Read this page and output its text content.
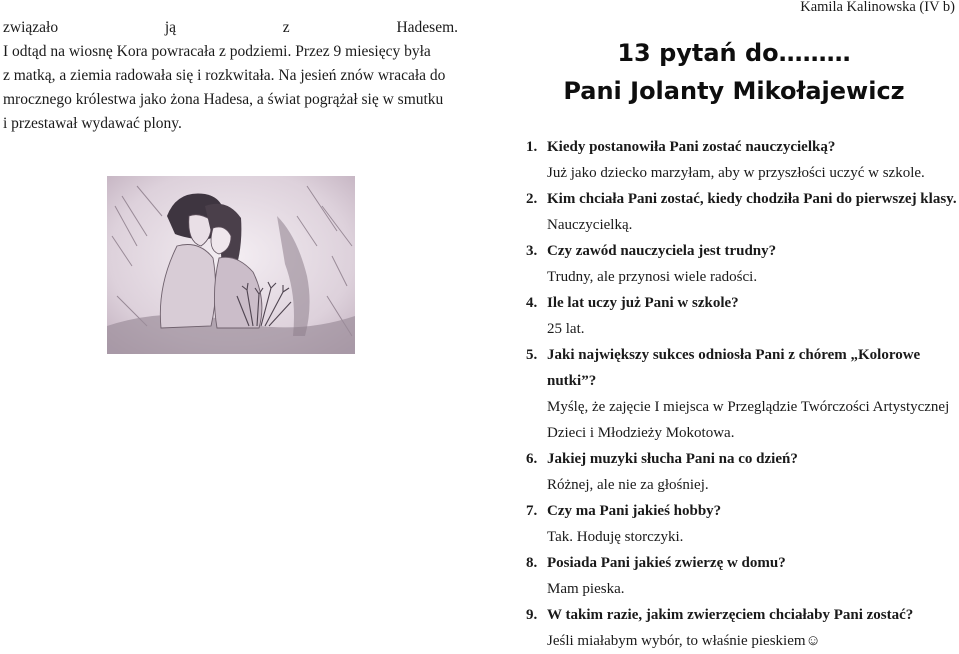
związało	ją	z	Hadesem.
I odtąd na wiosnę Kora powracała z podziemi. Przez 9 miesięcy była
z matką, a ziemia radowała się i rozkwitała. Na jesień znów wracała do
mrocznego królestwa jako żona Hadesa, a świat pogrążał się w smutku
i przestawał wydawać plony.
Kamila Kalinowska (IV b)
13 pytań do………
Pani Jolanty Mikołajewicz
1. Kiedy postanowiła Pani zostać nauczycielką?
Już jako dziecko marzyłam, aby w przyszłości uczyć w szkole.
2. Kim chciała Pani zostać, kiedy chodziła Pani do pierwszej klasy.
Nauczycielką.
3. Czy zawód nauczyciela jest trudny?
Trudny, ale przynosi wiele radości.
4. Ile lat uczy już Pani w szkole?
25 lat.
5. Jaki największy sukces odniosła Pani z chórem „Kolorowe
nutki”?
Myślę, że zajęcie I miejsca w Przeglądzie Twórczości Artystycznej
Dzieci i Młodzieży Mokotowa.
6. Jakiej muzyki słucha Pani na co dzień?
Różnej, ale nie za głośniej.
7. Czy ma Pani jakieś hobby?
Tak. Hoduję storczyki.
8. Posiada Pani jakieś zwierzę w domu?
Mam pieska.
9. W takim razie, jakim zwierzęciem chciałaby Pani zostać?
Jeśli miałabym wybór, to właśnie pieskiem☺
